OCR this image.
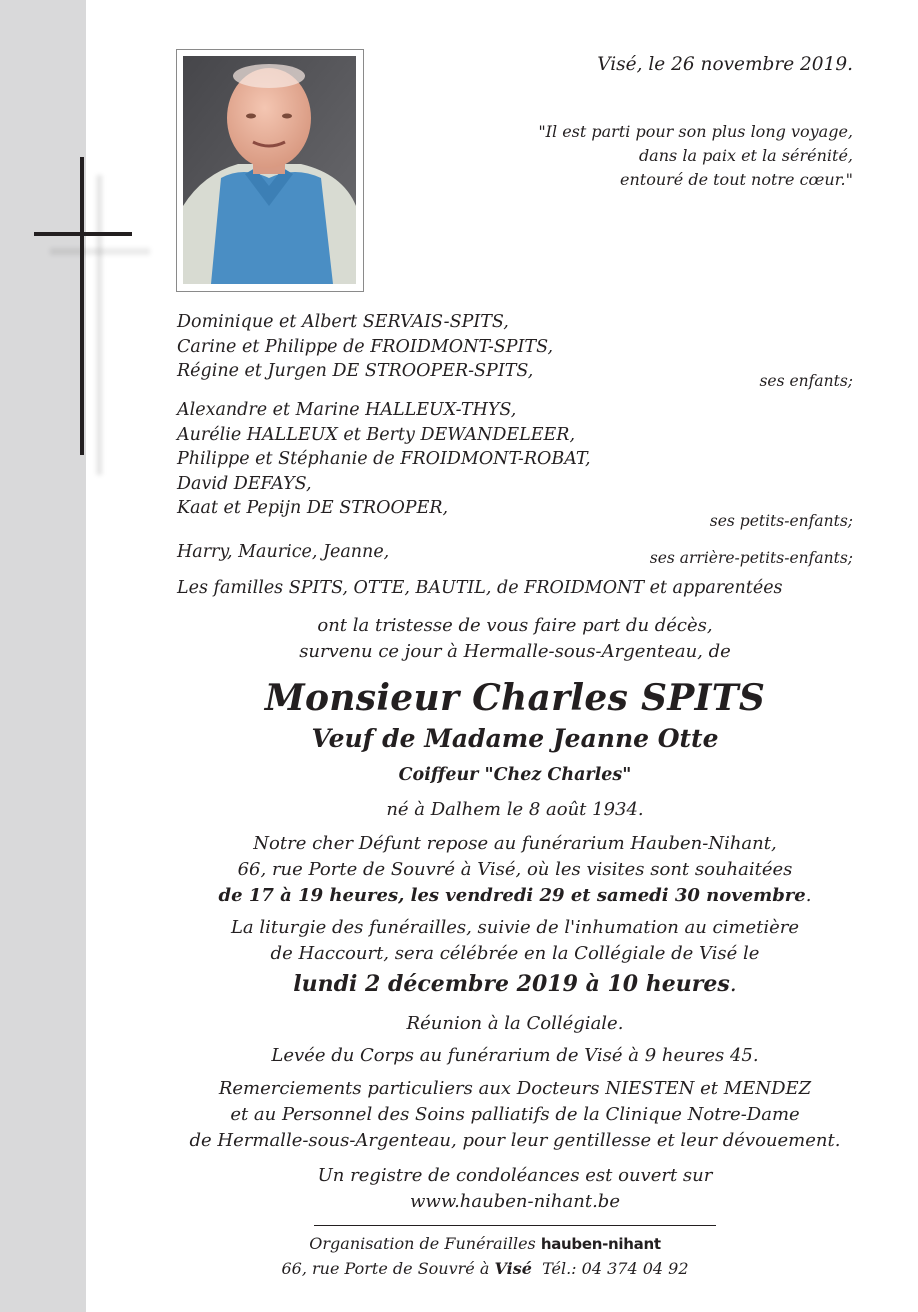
Visé, le 26 novembre 2019.
"Il est parti pour son plus long voyage,
dans la paix et la sérénité,
entouré de tout notre cœur."
Dominique et Albert SERVAIS-SPITS,
Carine et Philippe de FROIDMONT-SPITS,
Régine et Jurgen DE STROOPER-SPITS,	ses enfants;
Alexandre et Marine HALLEUX-THYS,
Aurélie HALLEUX et Berty DEWANDELEER,
Philippe et Stéphanie de FROIDMONT-ROBAT,
David DEFAYS,
Kaat et Pepijn DE STROOPER,
ses petits-enfants;
Harry, Maurice, Jeanne,	ses arrière-petits-enfants;
Les familles SPITS, OTTE, BAUTIL, de FROIDMONT et apparentées
ont la tristesse de vous faire part du décès,
survenu ce jour à Hermalle-sous-Argenteau, de
Monsieur Charles SPITS
Veuf de Madame Jeanne Otte
Coiffeur "Chez Charles"
né à Dalhem le 8 août 1934.
Notre cher Défunt repose au funérarium Hauben-Nihant,
66, rue Porte de Souvré à Visé, où les visites sont souhaitées
de 17 à 19 heures, les vendredi 29 et samedi 30 novembre.
La liturgie des funérailles, suivie de l'inhumation au cimetière
de Haccourt, sera célébrée en la Collégiale de Visé le
lundi 2 décembre 2019 à 10 heures.
Réunion à la Collégiale.
Levée du Corps au funérarium de Visé à 9 heures 45.
Remerciements particuliers aux Docteurs NIESTEN et MENDEZ
et au Personnel des Soins palliatifs de la Clinique Notre-Dame
de Hermalle-sous-Argenteau, pour leur gentillesse et leur dévouement.
Un registre de condoléances est ouvert sur
www.hauben-nihant.be
Organisation de Funérailles hauben-nihant
66, rue Porte de Souvré à Visé Tél.: 04 374 04 92
